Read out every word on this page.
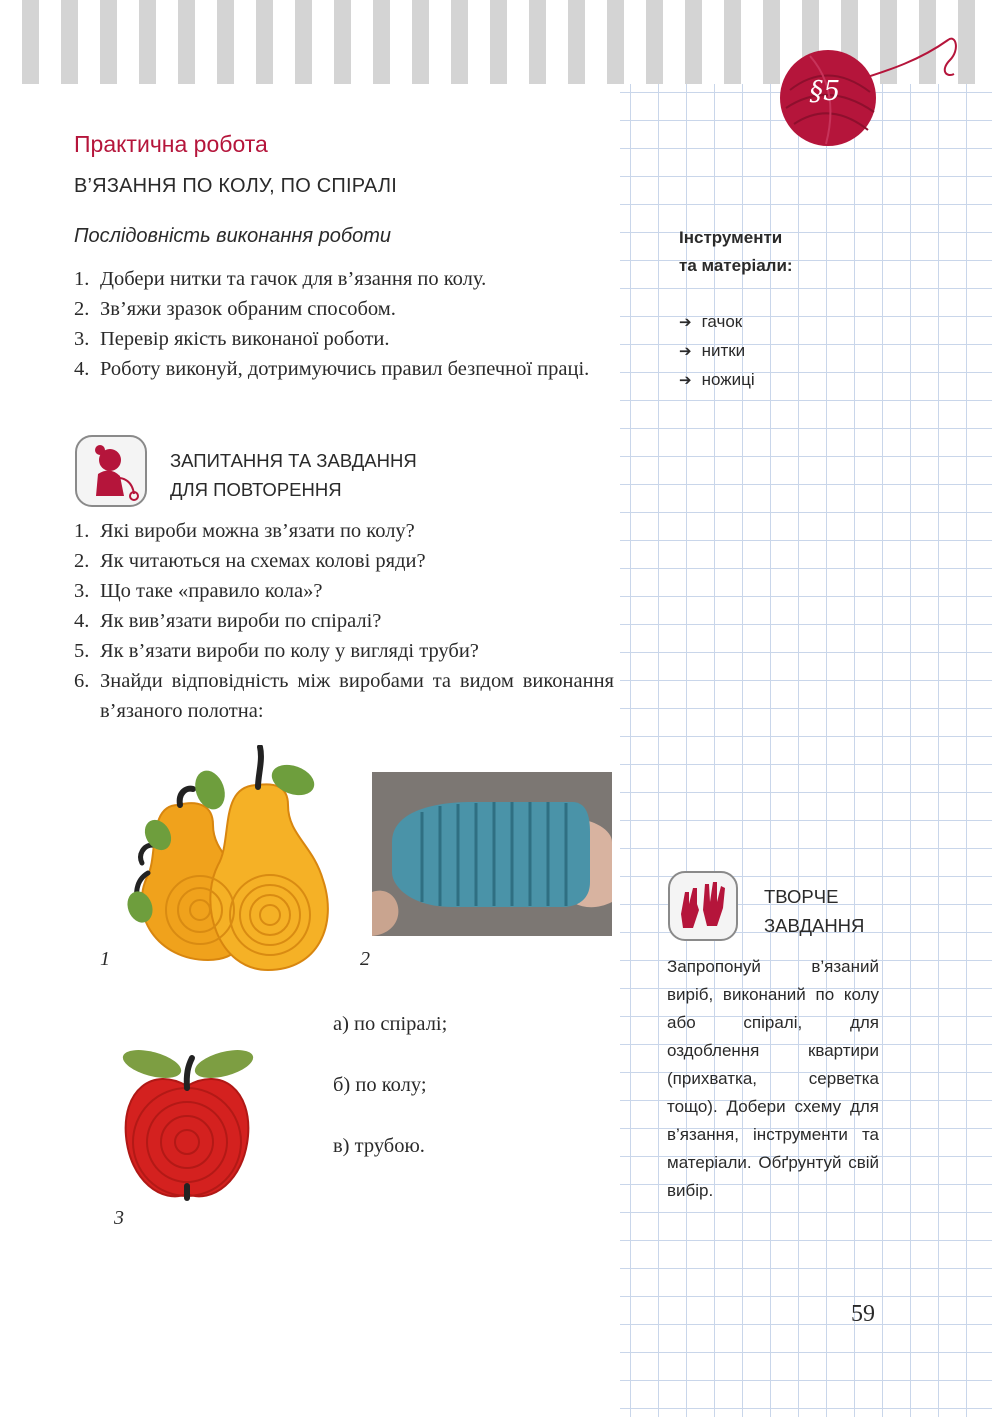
§5
Практична робота
В’ЯЗАННЯ ПО КОЛУ, ПО СПІРАЛІ
Послідовність виконання роботи
1. Добери нитки та гачок для в’язання по колу.
2. Зв’яжи зразок обраним способом.
3. Перевір якість виконаної роботи.
4. Роботу виконуй, дотримуючись правил безпечної праці.
ЗАПИТАННЯ ТА ЗАВДАННЯ
ДЛЯ ПОВТОРЕННЯ
1. Які вироби можна зв’язати по колу?
2. Як читаються на схемах колові ряди?
3. Що таке «правило кола»?
4. Як вив’язати вироби по спіралі?
5. Як в’язати вироби по колу у вигляді труби?
6. Знайди відповідність між виробами та видом виконання в’язаного полотна:
1	2
3
а) по спіралі;
б) по колу;
в) трубою.
Інструменти
та матеріали:
➔ гачок
➔ нитки
➔ ножиці
ТВОРЧЕ
ЗАВДАННЯ
Запропонуй в’язаний виріб, виконаний по колу або спіралі, для оздоблення квартири (прихватка, серветка тощо). Добери схему для в’язання, інструменти та матеріали. Обґрунтуй свій вибір.
59
